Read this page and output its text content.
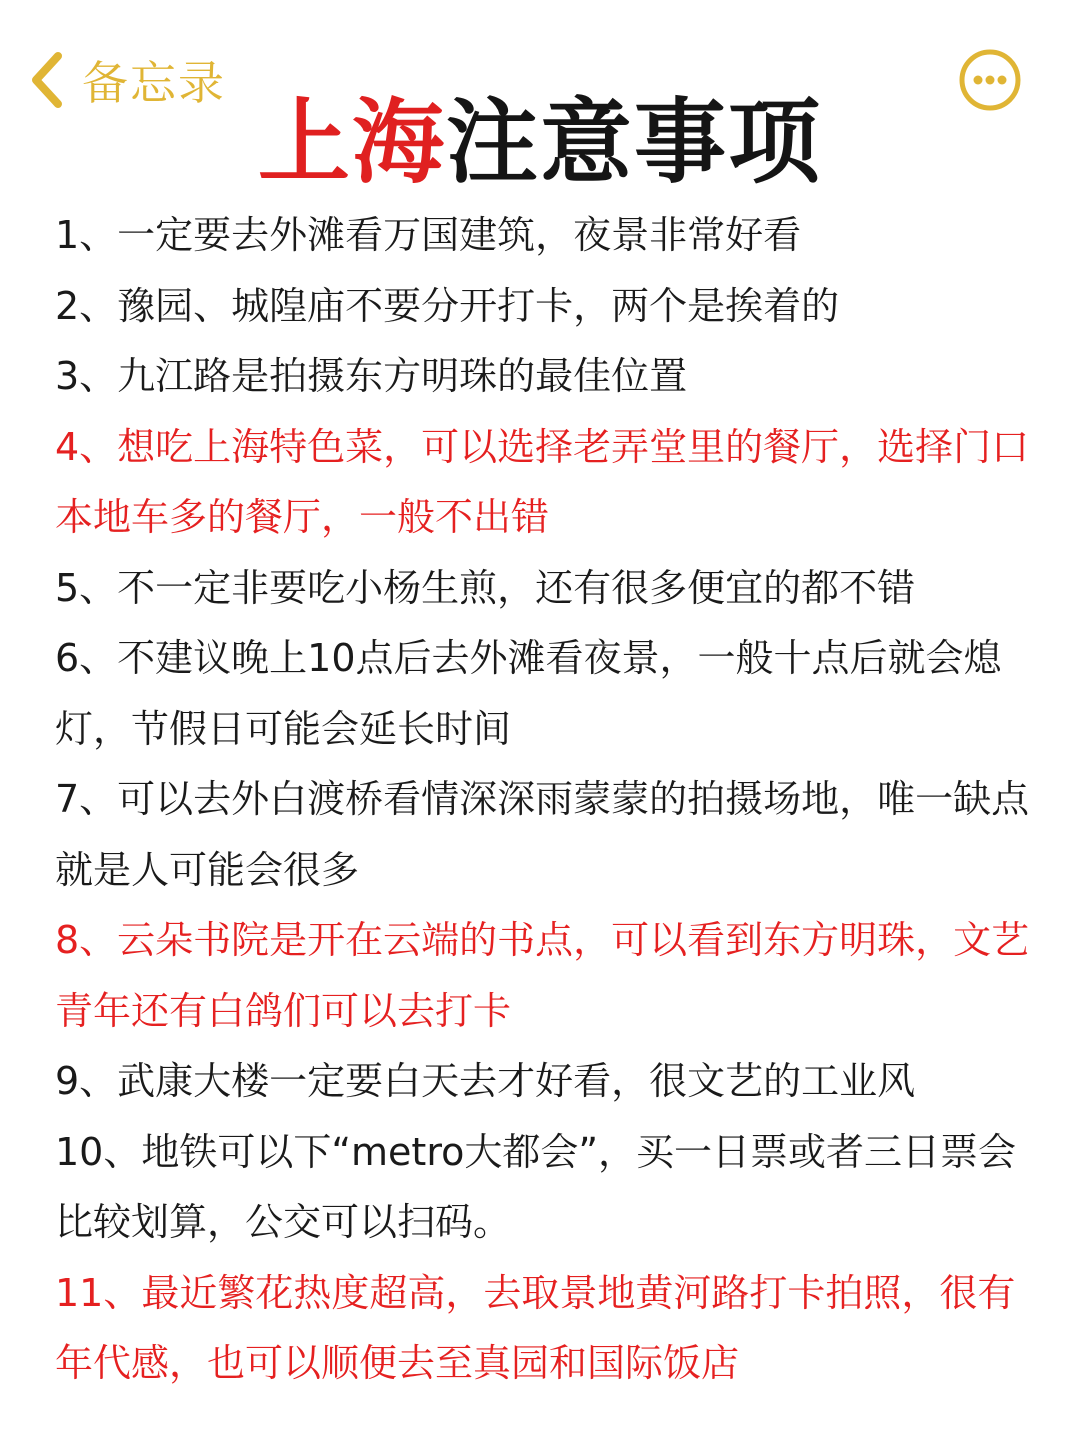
备忘录
上海注意事项
1、一定要去外滩看万国建筑，夜景非常好看
2、豫园、城隍庙不要分开打卡，两个是挨着的
3、九江路是拍摄东方明珠的最佳位置
4、想吃上海特色菜，可以选择老弄堂里的餐厅，选择门口本地车多的餐厅，一般不出错
5、不一定非要吃小杨生煎，还有很多便宜的都不错
6、不建议晚上10点后去外滩看夜景，一般十点后就会熄灯，节假日可能会延长时间
7、可以去外白渡桥看情深深雨蒙蒙的拍摄场地，唯一缺点就是人可能会很多
8、云朵书院是开在云端的书点，可以看到东方明珠，文艺青年还有白鸽们可以去打卡
9、武康大楼一定要白天去才好看，很文艺的工业风
10、地铁可以下“metro大都会”，买一日票或者三日票会比较划算，公交可以扫码。
11、最近繁花热度超高，去取景地黄河路打卡拍照，很有年代感，也可以顺便去至真园和国际饭店
